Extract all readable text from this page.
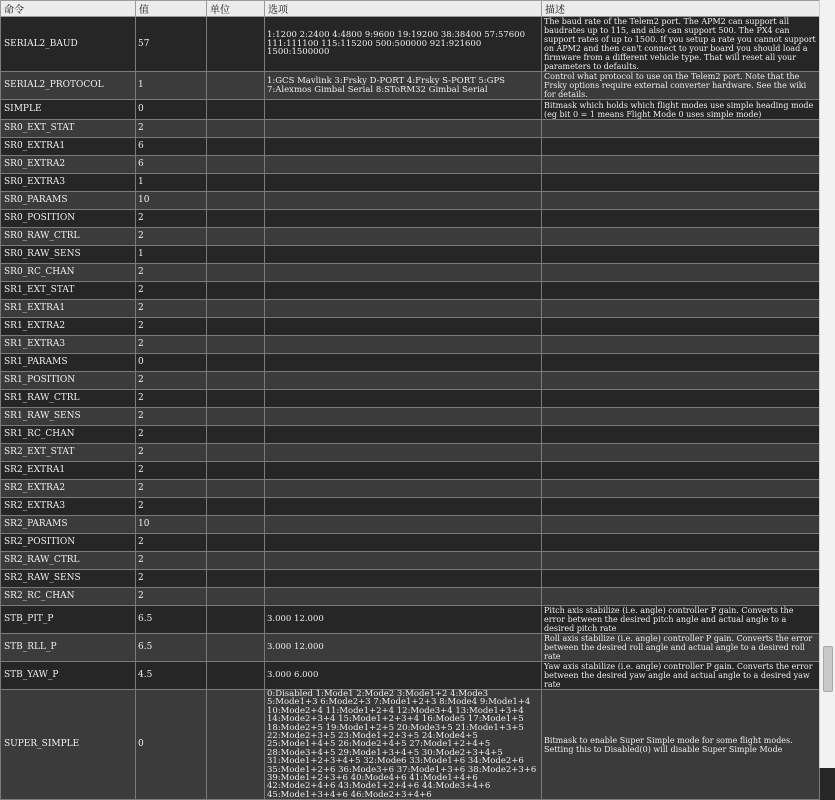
命令	值	单位	选项	描述
SERIAL2_BAUD	57		1:1200 2:2400 4:4800 9:9600 19:19200 38:38400 57:57600 111:111100 115:115200 500:500000 921:921600 1500:1500000	The baud rate of the Telem2 port. The APM2 can support all baudrates up to 115, and also can support 500. The PX4 can support rates of up to 1500. If you setup a rate you cannot support on APM2 and then can't connect to your board you should load a firmware from a different vehicle type. That will reset all your parameters to defaults.
SERIAL2_PROTOCOL	1		1:GCS Mavlink 3:Frsky D-PORT 4:Frsky S-PORT 5:GPS 7:Alexmos Gimbal Serial 8:SToRM32 Gimbal Serial	Control what protocol to use on the Telem2 port. Note that the Frsky options require external converter hardware. See the wiki for details.
SIMPLE	0			Bitmask which holds which flight modes use simple heading mode (eg bit 0 = 1 means Flight Mode 0 uses simple mode)
SR0_EXT_STAT	2			
SR0_EXTRA1	6			
SR0_EXTRA2	6			
SR0_EXTRA3	1			
SR0_PARAMS	10			
SR0_POSITION	2			
SR0_RAW_CTRL	2			
SR0_RAW_SENS	1			
SR0_RC_CHAN	2			
SR1_EXT_STAT	2			
SR1_EXTRA1	2			
SR1_EXTRA2	2			
SR1_EXTRA3	2			
SR1_PARAMS	0			
SR1_POSITION	2			
SR1_RAW_CTRL	2			
SR1_RAW_SENS	2			
SR1_RC_CHAN	2			
SR2_EXT_STAT	2			
SR2_EXTRA1	2			
SR2_EXTRA2	2			
SR2_EXTRA3	2			
SR2_PARAMS	10			
SR2_POSITION	2			
SR2_RAW_CTRL	2			
SR2_RAW_SENS	2			
SR2_RC_CHAN	2			
STB_PIT_P	6.5		3.000 12.000	Pitch axis stabilize (i.e. angle) controller P gain. Converts the error between the desired pitch angle and actual angle to a desired pitch rate
STB_RLL_P	6.5		3.000 12.000	Roll axis stabilize (i.e. angle) controller P gain. Converts the error between the desired roll angle and actual angle to a desired roll rate
STB_YAW_P	4.5		3.000 6.000	Yaw axis stabilize (i.e. angle) controller P gain. Converts the error between the desired yaw angle and actual angle to a desired yaw rate
SUPER_SIMPLE	0		0:Disabled 1:Mode1 2:Mode2 3:Mode1+2 4:Mode3 5:Mode1+3 6:Mode2+3 7:Mode1+2+3 8:Mode4 9:Mode1+4 10:Mode2+4 11:Mode1+2+4 12:Mode3+4 13:Mode1+3+4 14:Mode2+3+4 15:Mode1+2+3+4 16:Mode5 17:Mode1+5 18:Mode2+5 19:Mode1+2+5 20:Mode3+5 21:Mode1+3+5 22:Mode2+3+5 23:Mode1+2+3+5 24:Mode4+5 25:Mode1+4+5 26:Mode2+4+5 27:Mode1+2+4+5 28:Mode3+4+5 29:Mode1+3+4+5 30:Mode2+3+4+5 31:Mode1+2+3+4+5 32:Mode6 33:Mode1+6 34:Mode2+6 35:Mode1+2+6 36:Mode3+6 37:Mode1+3+6 38:Mode2+3+6 39:Mode1+2+3+6 40:Mode4+6 41:Mode1+4+6 42:Mode2+4+6 43:Mode1+2+4+6 44:Mode3+4+6 45:Mode1+3+4+6 46:Mode2+3+4+6	Bitmask to enable Super Simple mode for some flight modes. Setting this to Disabled(0) will disable Super Simple Mode
